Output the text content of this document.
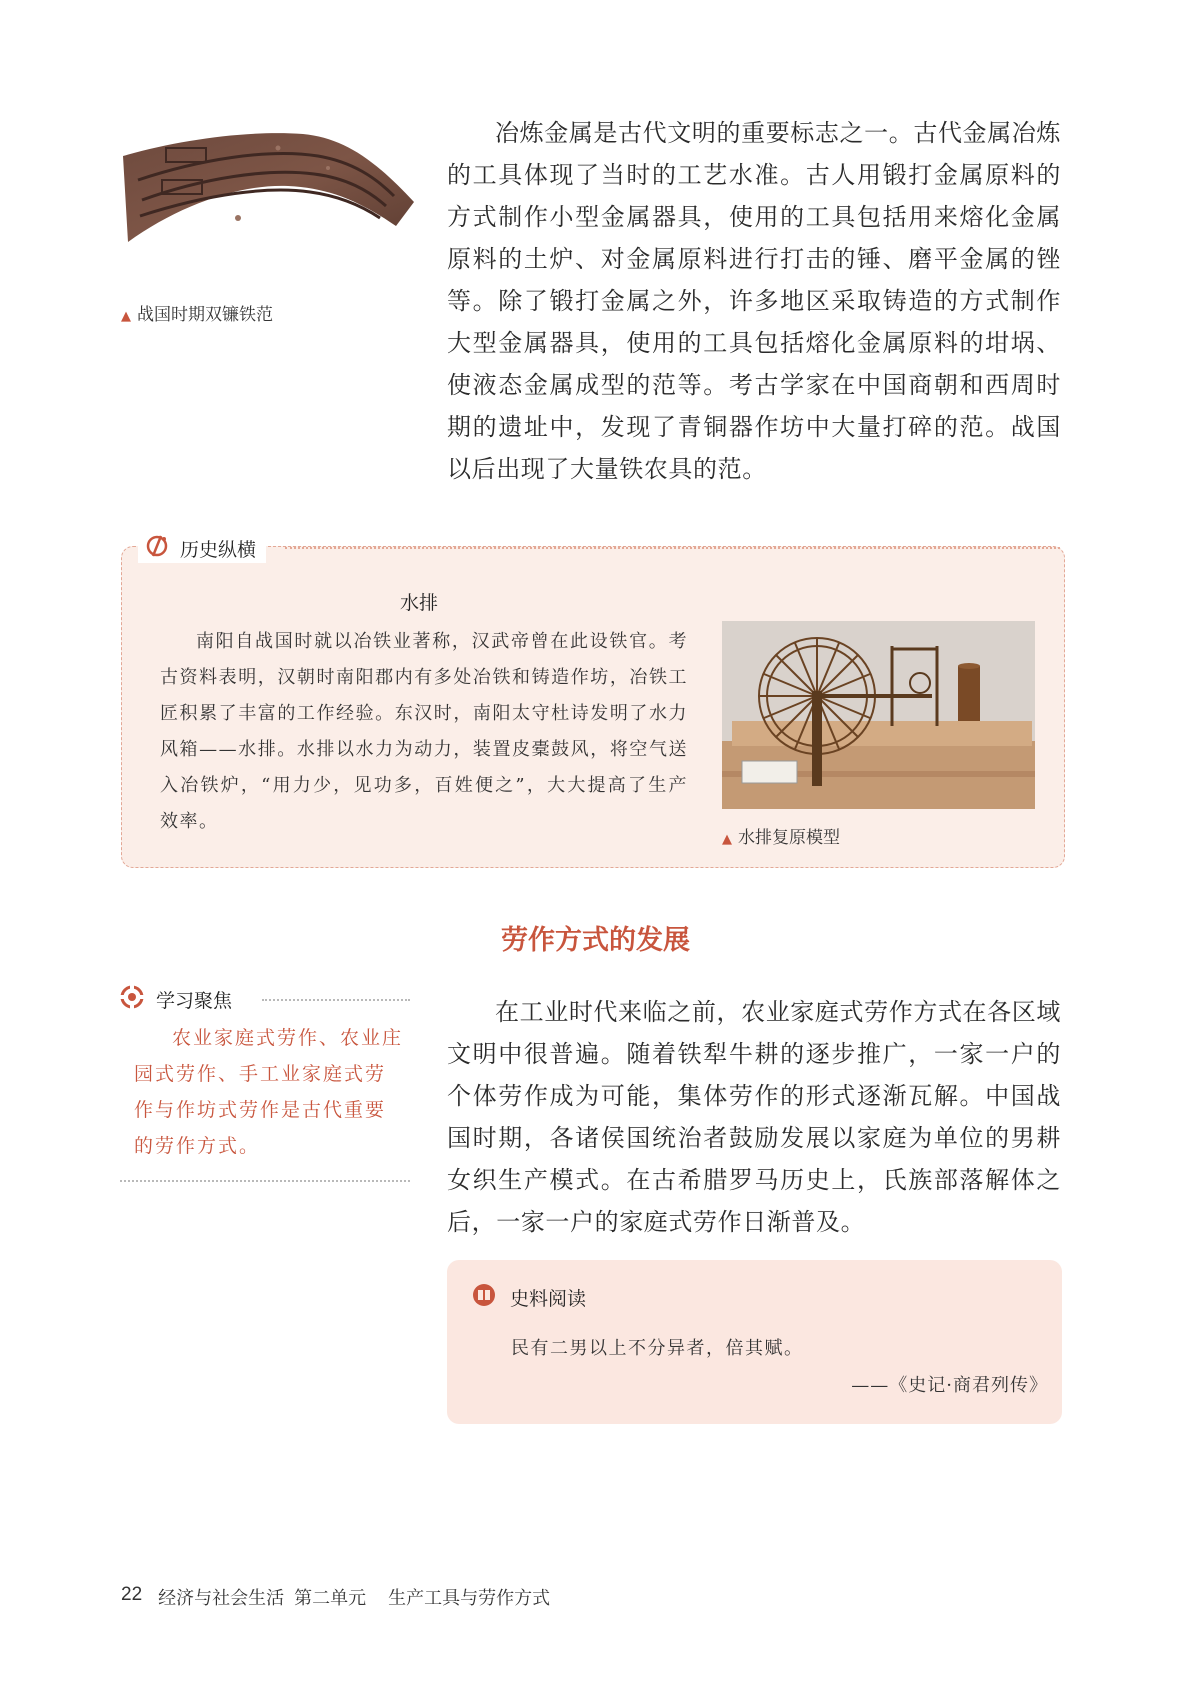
▲ 战国时期双镰铁范

冶炼金属是古代文明的重要标志之一。古代金属冶炼的工具体现了当时的工艺水准。古人用锻打金属原料的方式制作小型金属器具，使用的工具包括用来熔化金属原料的土炉、对金属原料进行打击的锤、磨平金属的锉等。除了锻打金属之外，许多地区采取铸造的方式制作大型金属器具，使用的工具包括熔化金属原料的坩埚、使液态金属成型的范等。考古学家在中国商朝和西周时期的遗址中，发现了青铜器作坊中大量打碎的范。战国以后出现了大量铁农具的范。

历史纵横
水排

南阳自战国时就以冶铁业著称，汉武帝曾在此设铁官。考古资料表明，汉朝时南阳郡内有多处冶铁和铸造作坊，冶铁工匠积累了丰富的工作经验。东汉时，南阳太守杜诗发明了水力风箱——水排。水排以水力为动力，装置皮橐鼓风，将空气送入冶铁炉，“用力少，见功多，百姓便之”，大大提高了生产效率。

▲ 水排复原模型
劳作方式的发展
学习聚焦

农业家庭式劳作、农业庄园式劳作、手工业家庭式劳作与作坊式劳作是古代重要的劳作方式。

在工业时代来临之前，农业家庭式劳作方式在各区域文明中很普遍。随着铁犁牛耕的逐步推广，一家一户的个体劳作成为可能，集体劳作的形式逐渐瓦解。中国战国时期，各诸侯国统治者鼓励发展以家庭为单位的男耕女织生产模式。在古希腊罗马历史上，氏族部落解体之后，一家一户的家庭式劳作日渐普及。

史料阅读
民有二男以上不分异者，倍其赋。
——《史记·商君列传》
22 经济与社会生活 第二单元 生产工具与劳作方式
